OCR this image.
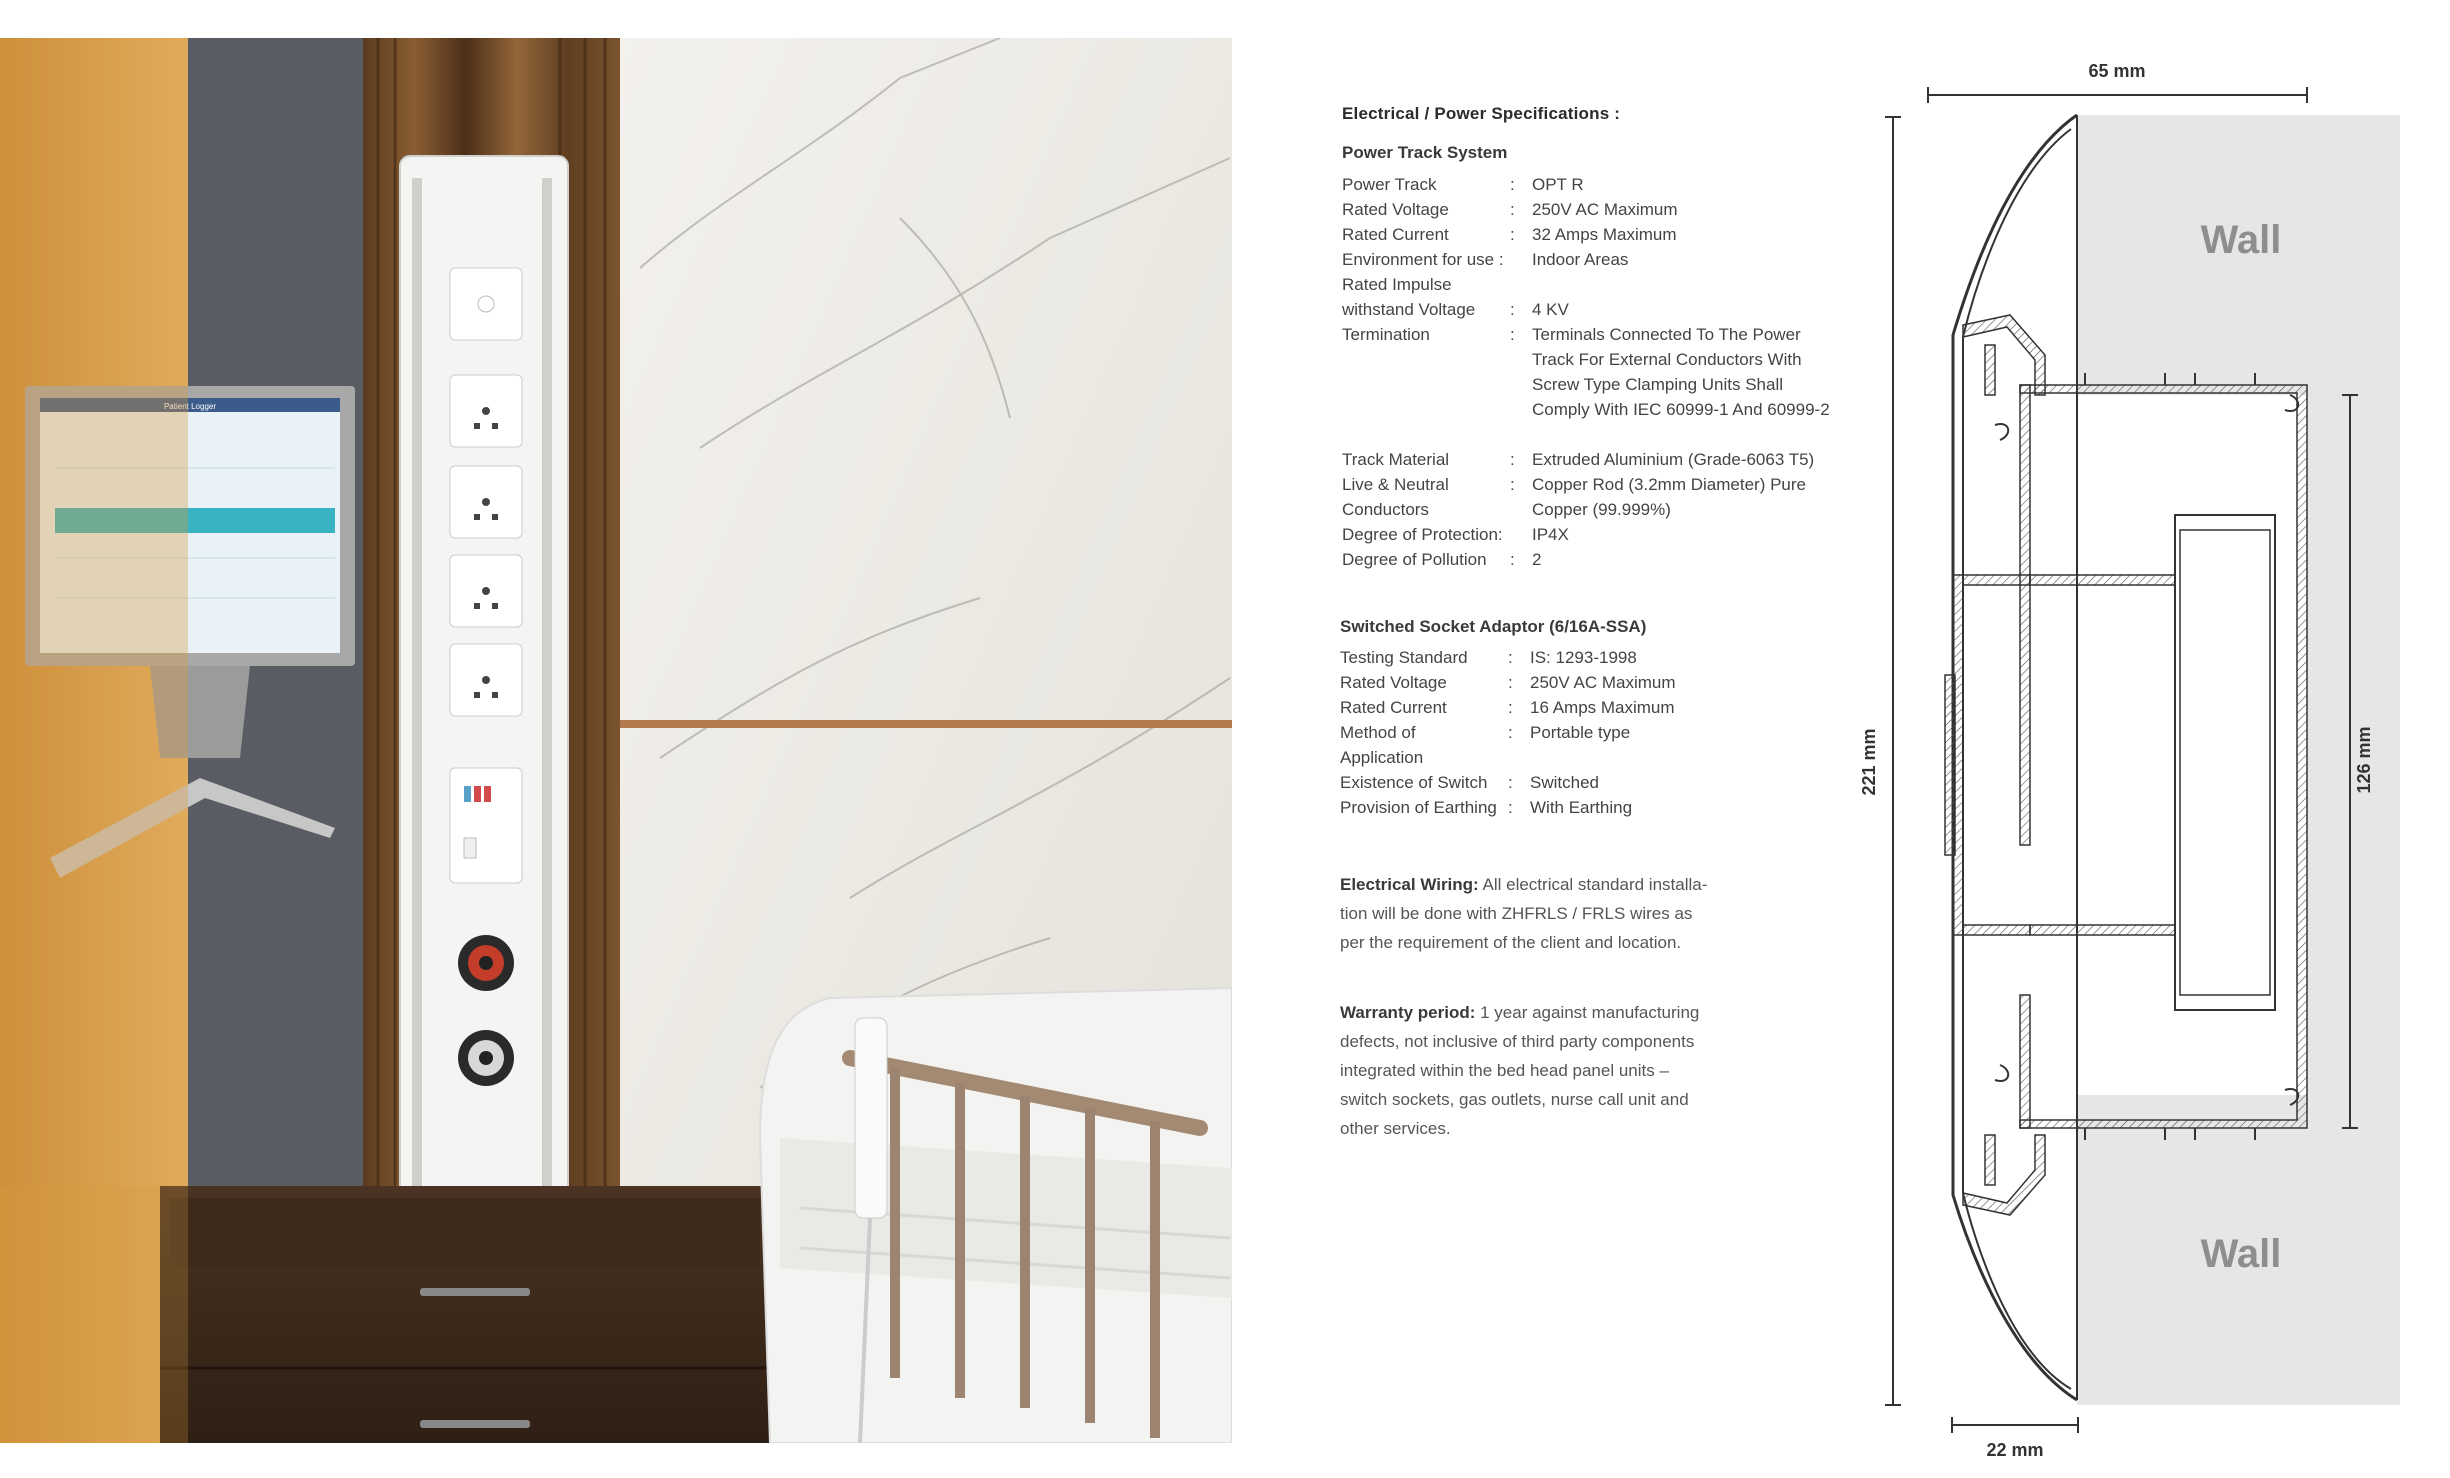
Patient Logger
Electrical / Power Specifications :
Power Track System
Power Track	: OPT R
Rated Voltage	: 250V AC Maximum
Rated Current	: 32 Amps Maximum
Environment for use : Indoor Areas
Rated Impulse
withstand Voltage : 4 KV
Termination	: Terminals Connected To The Power Track For External Conductors With Screw Type Clamping Units Shall Comply With IEC 60999-1 And 60999-2
Track Material	: Extruded Aluminium (Grade-6063 T5)
Live & Neutral	: Copper Rod (3.2mm Diameter) Pure
Conductors	Copper (99.999%)
Degree of Protection: IP4X
Degree of Pollution : 2
Switched Socket Adaptor (6/16A-SSA)
Testing Standard : IS: 1293-1998
Rated Voltage	: 250V AC Maximum
Rated Current	: 16 Amps Maximum
Method of	: Portable type
Application
Existence of Switch : Switched
Provision of Earthing : With Earthing
Electrical Wiring: All electrical standard installa-
tion will be done with ZHFRLS / FRLS wires as
per the requirement of the client and location.
Warranty period: 1 year against manufacturing
defects, not inclusive of third party components
integrated within the bed head panel units –
switch sockets, gas outlets, nurse call unit and
other services.
65 mm
221 mm	126 mm
22 mm
Wall
Wall
